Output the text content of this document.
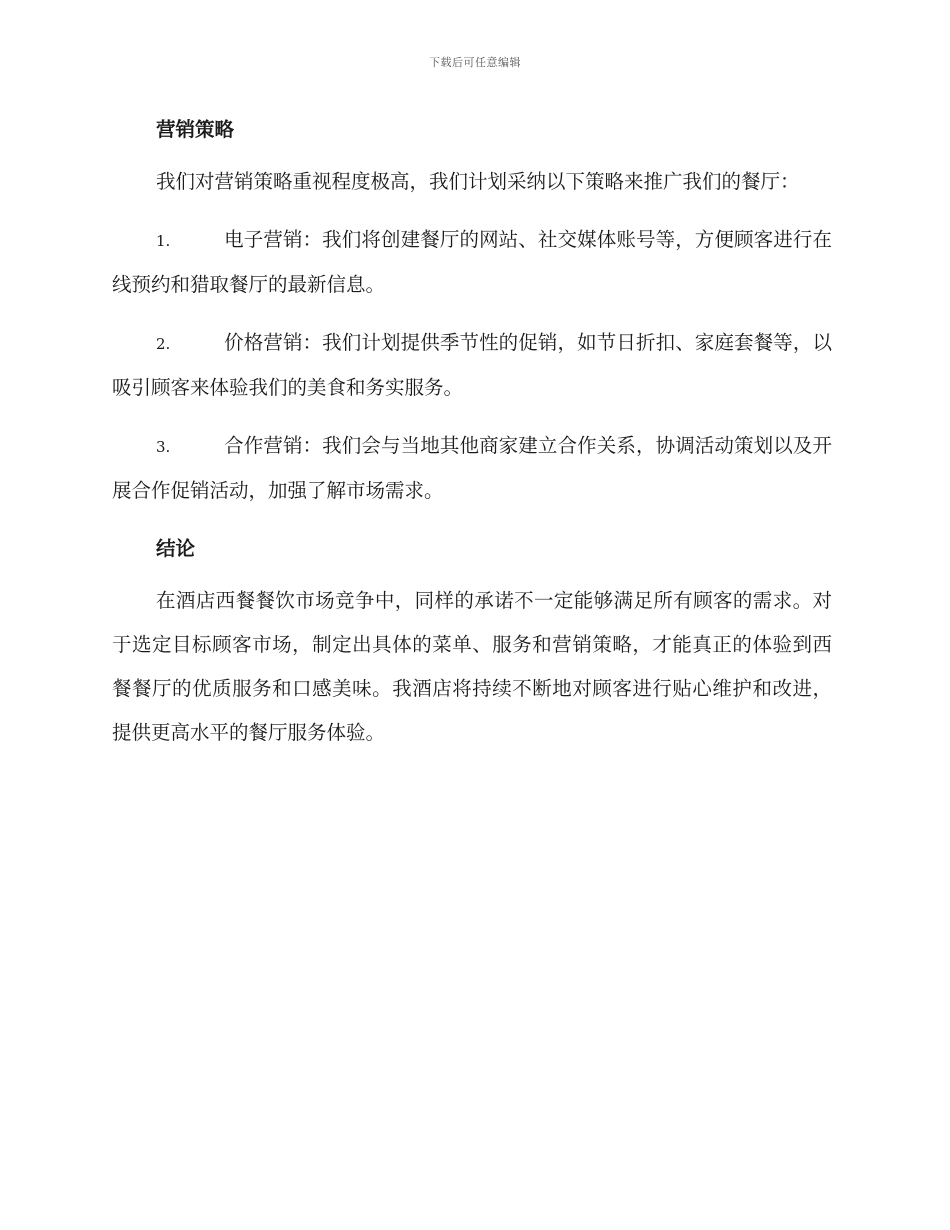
下载后可任意编辑
营销策略

我们对营销策略重视程度极高，我们计划采纳以下策略来推广我们的餐厅：

1.	电子营销：我们将创建餐厅的网站、社交媒体账号等，方便顾客进行在线预约和猎取餐厅的最新信息。
2.	价格营销：我们计划提供季节性的促销，如节日折扣、家庭套餐等，以吸引顾客来体验我们的美食和务实服务。
3.	合作营销：我们会与当地其他商家建立合作关系，协调活动策划以及开展合作促销活动，加强了解市场需求。
结论

在酒店西餐餐饮市场竞争中，同样的承诺不一定能够满足所有顾客的需求。对于选定目标顾客市场，制定出具体的菜单、服务和营销策略，才能真正的体验到西餐餐厅的优质服务和口感美味。我酒店将持续不断地对顾客进行贴心维护和改进，提供更高水平的餐厅服务体验。
